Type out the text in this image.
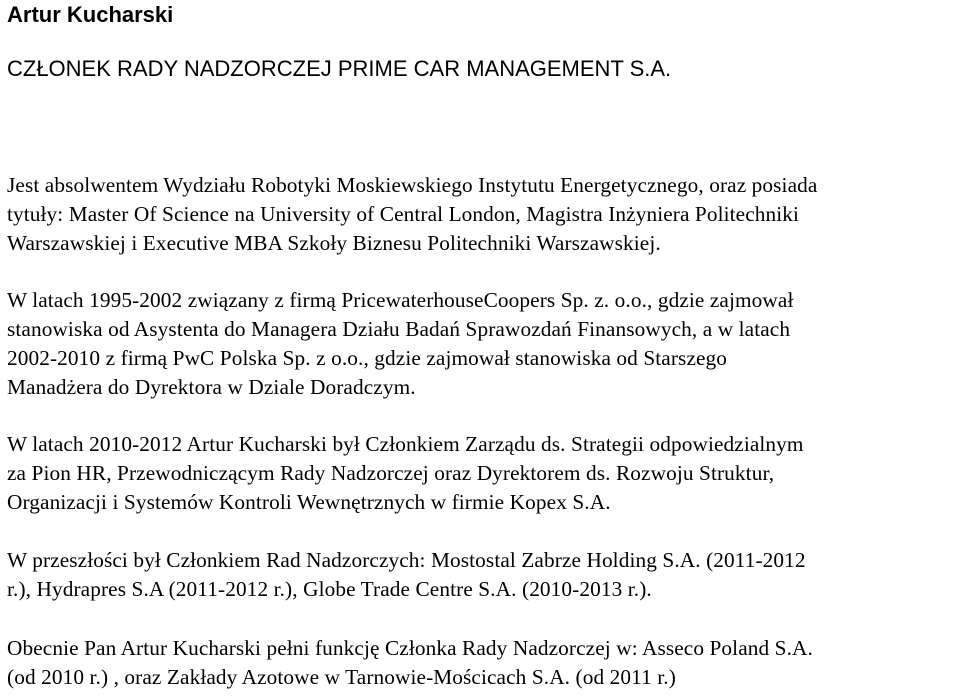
Artur Kucharski
CZŁONEK RADY NADZORCZEJ PRIME CAR MANAGEMENT S.A.

Jest absolwentem Wydziału Robotyki Moskiewskiego Instytutu Energetycznego, oraz posiada
tytuły: Master Of Science na University of Central London, Magistra Inżyniera Politechniki
Warszawskiej i Executive MBA Szkoły Biznesu Politechniki Warszawskiej.

W latach 1995-2002 związany z firmą PricewaterhouseCoopers Sp. z. o.o., gdzie zajmował
stanowiska od Asystenta do Managera Działu Badań Sprawozdań Finansowych, a w latach
2002-2010 z firmą PwC Polska Sp. z o.o., gdzie zajmował stanowiska od Starszego
Manadżera do Dyrektora w Dziale Doradczym.

W latach 2010-2012 Artur Kucharski był Członkiem Zarządu ds. Strategii odpowiedzialnym
za Pion HR, Przewodniczącym Rady Nadzorczej oraz Dyrektorem ds. Rozwoju Struktur,
Organizacji i Systemów Kontroli Wewnętrznych w firmie Kopex S.A.

W przeszłości był Członkiem Rad Nadzorczych: Mostostal Zabrze Holding S.A. (2011-2012
r.), Hydrapres S.A (2011-2012 r.), Globe Trade Centre S.A. (2010-2013 r.).

Obecnie Pan Artur Kucharski pełni funkcję Członka Rady Nadzorczej w: Asseco Poland S.A.
(od 2010 r.) , oraz Zakłady Azotowe w Tarnowie-Mościcach S.A. (od 2011 r.)
